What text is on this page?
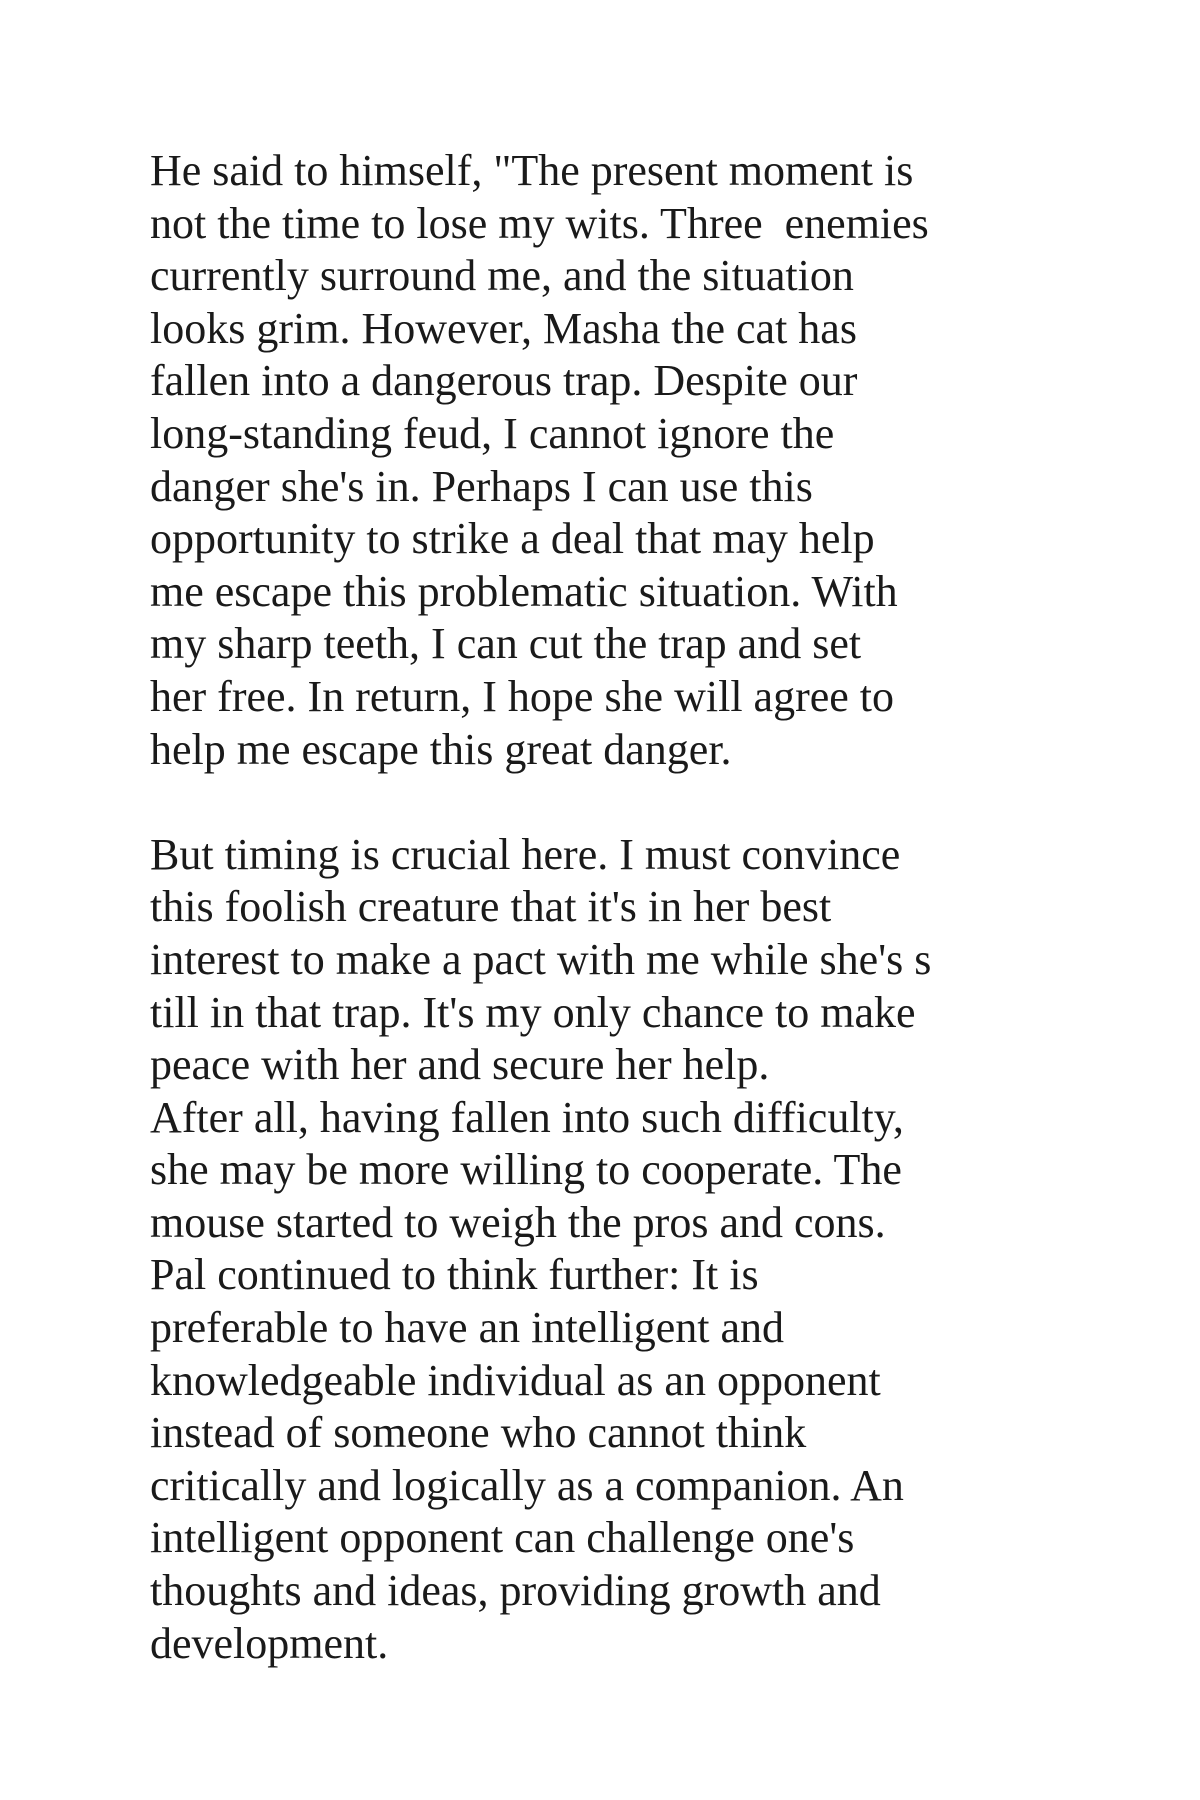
He said to himself, "The present moment is
not the time to lose my wits. Three  enemies
currently surround me, and the situation
looks grim. However, Masha the cat has
fallen into a dangerous trap. Despite our
long-standing feud, I cannot ignore the
danger she's in. Perhaps I can use this
opportunity to strike a deal that may help
me escape this problematic situation. With
my sharp teeth, I can cut the trap and set
her free. In return, I hope she will agree to
help me escape this great danger.
But timing is crucial here. I must convince
this foolish creature that it's in her best
interest to make a pact with me while she's s
till in that trap. It's my only chance to make
peace with her and secure her help.
After all, having fallen into such difficulty,
she may be more willing to cooperate. The
mouse started to weigh the pros and cons.
Pal continued to think further: It is
preferable to have an intelligent and
knowledgeable individual as an opponent
instead of someone who cannot think
critically and logically as a companion. An
intelligent opponent can challenge one's
thoughts and ideas, providing growth and
development.
